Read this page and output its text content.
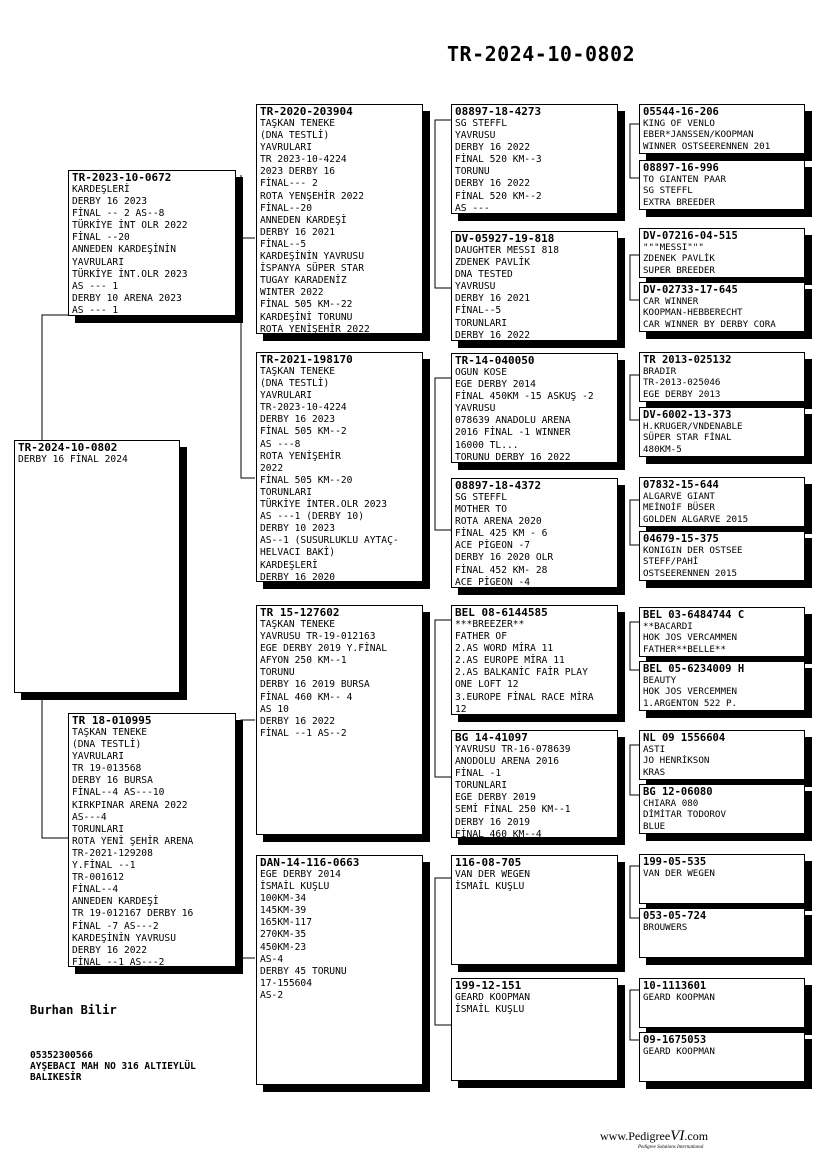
TR-2024-10-0802
TR-2024-10-0802
DERBY 16 FİNAL 2024
TR-2023-10-0672
KARDEŞLERİ
DERBY 16 2023
FİNAL -- 2 AS--8
TÜRKİYE İNT OLR 2022
FİNAL --20
ANNEDEN KARDEŞİNİN
YAVRULARI
TÜRKİYE İNT.OLR 2023
AS --- 1
DERBY 10 ARENA 2023
AS --- 1
TR 18-010995
TAŞKAN TENEKE
(DNA TESTLİ)
YAVRULARI
TR 19-013568
DERBY 16 BURSA
FİNAL--4 AS---10
KIRKPINAR ARENA 2022
AS---4
TORUNLARI
ROTA YENİ ŞEHİR ARENA
TR-2021-129208
Y.FİNAL --1
TR-001612
FİNAL--4
ANNEDEN KARDEŞİ
TR 19-012167 DERBY 16
FİNAL -7 AS---2
KARDEŞİNİN YAVRUSU
DERBY 16 2022
FİNAL --1 AS---2
TR-2020-203904
TAŞKAN TENEKE
(DNA TESTLİ)
YAVRULARI
TR 2023-10-4224
2023 DERBY 16
FİNAL--- 2
ROTA YENŞEHİR 2022
FİNAL--20
ANNEDEN KARDEŞİ
DERBY 16 2021
FİNAL--5
KARDEŞİNİN YAVRUSU
İSPANYA SÜPER STAR
TUGAY KARADENİZ
WINTER 2022
FİNAL 505 KM--22
KARDEŞİNİ TORUNU
ROTA YENİŞEHİR 2022
TR-2021-198170
TAŞKAN TENEKE
(DNA TESTLİ)
YAVRULARI
TR-2023-10-4224
DERBY 16 2023
FİNAL 505 KM--2
AS ---8
ROTA YENİŞEHİR
2022
FİNAL 505 KM--20
TORUNLARI
TÜRKİYE İNTER.OLR 2023
AS ---1 (DERBY 10)
DERBY 10 2023
AS--1 (SUSURLUKLU AYTAÇ-
HELVACI BAKİ)
KARDEŞLERİ
DERBY 16 2020
TR 15-127602
TAŞKAN TENEKE
YAVRUSU TR-19-012163
EGE DERBY 2019 Y.FİNAL
AFYON 250 KM--1
TORUNU
DERBY 16 2019 BURSA
FİNAL 460 KM-- 4
AS 10
DERBY 16 2022
FİNAL --1 AS--2
DAN-14-116-0663
EGE DERBY 2014
İSMAİL KUŞLU
100KM-34
145KM-39
165KM-117
270KM-35
450KM-23
AS-4
DERBY 45 TORUNU
17-155604
AS-2
08897-18-4273
SG STEFFL
YAVRUSU
DERBY 16 2022
FİNAL 520 KM--3
TORUNU
DERBY 16 2022
FİNAL 520 KM--2
AS ---
DV-05927-19-818
DAUGHTER MESSI 818
ZDENEK PAVLİK
DNA TESTED
YAVRUSU
DERBY 16 2021
FİNAL--5
TORUNLARI
DERBY 16 2022
TR-14-040050
OGUN KOSE
EGE DERBY 2014
FİNAL 450KM -15 ASKUŞ -2
YAVRUSU
078639 ANADOLU ARENA
2016 FİNAL -1 WINNER
16000 TL...
TORUNU DERBY 16 2022
08897-18-4372
SG STEFFL
MOTHER TO
ROTA ARENA 2020
FİNAL 425 KM - 6
ACE PİGEON -7
DERBY 16 2020 OLR
FİNAL 452 KM- 28
ACE PİGEON -4
BEL 08-6144585
***BREEZER**
FATHER OF
2.AS WORD MİRA 11
2.AS EUROPE MİRA 11
2.AS BALKANİC FAİR PLAY
ONE LOFT 12
3.EUROPE FİNAL RACE MİRA
12
BG 14-41097
YAVRUSU TR-16-078639
ANODOLU ARENA 2016
FİNAL -1
TORUNLARI
EGE DERBY 2019
SEMİ FİNAL 250 KM--1
DERBY 16 2019
FİNAL 460 KM--4
116-08-705
VAN DER WEGEN
İSMAİL KUŞLU
199-12-151
GEARD KOOPMAN
İSMAİL KUŞLU
05544-16-206
KING OF VENLO
EBER*JANSSEN/KOOPMAN
WINNER OSTSEERENNEN 201
08897-16-996
TO GIANTEN PAAR
SG STEFFL
EXTRA BREEDER
DV-07216-04-515
"""MESSI"""
ZDENEK PAVLİK
SUPER BREEDER
DV-02733-17-645
CAR WINNER
KOOPMAN-HEBBERECHT
CAR WINNER BY DERBY CORA
TR 2013-025132
BRADIR
TR-2013-025046
EGE DERBY 2013
DV-6002-13-373
H.KRUGER/VNDENABLE
SÜPER STAR FİNAL
480KM-5
07832-15-644
ALGARVE GIANT
MEİNOİF BÜSER
GOLDEN ALGARVE 2015
04679-15-375
KONIGIN DER OSTSEE
STEFF/PAHİ
OSTSEERENNEN 2015
BEL 03-6484744 C
**BACARDI
HOK JOS VERCAMMEN
FATHER**BELLE**
BEL 05-6234009 H
BEAUTY
HOK JOS VERCEMMEN
1.ARGENTON 522 P.
NL 09 1556604
ASTI
JO HENRİKSON
KRAS
BG 12-06080
CHIARA 080
DİMİTAR TODOROV
BLUE
199-05-535
VAN DER WEGEN
053-05-724
BROUWERS
10-1113601
GEARD KOOPMAN
09-1675053
GEARD KOOPMAN
Burhan Bilir
05352300566
AYŞEBACI MAH NO 316 ALTIEYLÜL
BALIKESİR
www.PedigreeVI.com
Pedigree Solutions International
